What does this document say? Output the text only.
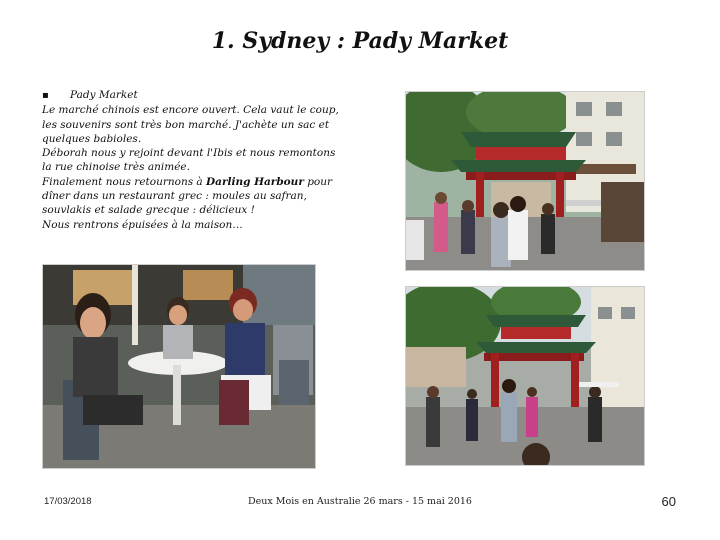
1. Sydney : Pady Market
▪	Pady Market
Le marché chinois est encore ouvert. Cela vaut le coup,
les souvenirs sont très bon marché. J'achète un sac et
quelques babioles.
Déborah nous y rejoint devant l'Ibis et nous remontons
la rue chinoise très animée.
Finalement nous retournons à Darling Harbour pour
dîner dans un restaurant grec : moules au safran,
souvlakis et salade grecque : délicieux !
Nous rentrons épuisées à la maison…
17/03/2018	Deux Mois en Australie 26 mars - 15 mai 2016	60
